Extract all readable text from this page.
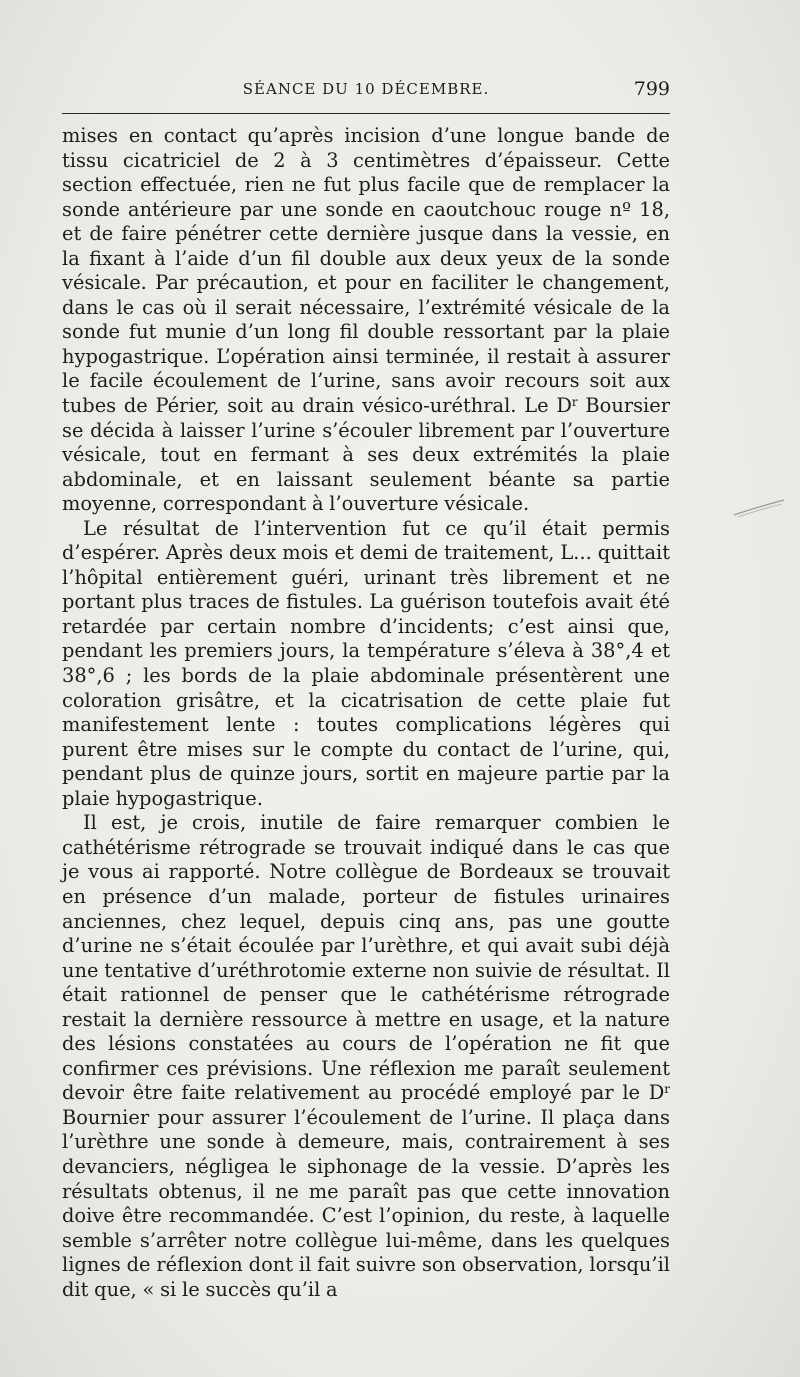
SÉANCE DU 10 DÉCEMBRE.	799

mises en contact qu’après incision d’une longue bande de tissu cicatriciel de 2 à 3 centimètres d’épaisseur. Cette section effectuée, rien ne fut plus facile que de remplacer la sonde antérieure par une sonde en caoutchouc rouge nº 18, et de faire pénétrer cette dernière jusque dans la vessie, en la fixant à l’aide d’un fil double aux deux yeux de la sonde vésicale. Par précaution, et pour en faciliter le changement, dans le cas où il serait nécessaire, l’extrémité vésicale de la sonde fut munie d’un long fil double ressortant par la plaie hypogastrique. L’opération ainsi terminée, il restait à assurer le facile écoulement de l’urine, sans avoir recours soit aux tubes de Périer, soit au drain vésico-uréthral. Le $D^r$ Boursier se décida à laisser l’urine s’écouler librement par l’ouverture vésicale, tout en fermant à ses deux extrémités la plaie abdominale, et en laissant seulement béante sa partie moyenne, correspondant à l’ouverture vésicale.

Le résultat de l’intervention fut ce qu’il était permis d’espérer. Après deux mois et demi de traitement, L... quittait l’hôpital entièrement guéri, urinant très librement et ne portant plus traces de fistules. La guérison toutefois avait été retardée par certain nombre d’incidents; c’est ainsi que, pendant les premiers jours, la température s’éleva à 38°,4 et 38°,6 ; les bords de la plaie abdominale présentèrent une coloration grisâtre, et la cicatrisation de cette plaie fut manifestement lente : toutes complications légères qui purent être mises sur le compte du contact de l’urine, qui, pendant plus de quinze jours, sortit en majeure partie par la plaie hypogastrique.

Il est, je crois, inutile de faire remarquer combien le cathétérisme rétrograde se trouvait indiqué dans le cas que je vous ai rapporté. Notre collègue de Bordeaux se trouvait en présence d’un malade, porteur de fistules urinaires anciennes, chez lequel, depuis cinq ans, pas une goutte d’urine ne s’était écoulée par l’urèthre, et qui avait subi déjà une tentative d’uréthrotomie externe non suivie de résultat. Il était rationnel de penser que le cathétérisme rétrograde restait la dernière ressource à mettre en usage, et la nature des lésions constatées au cours de l’opération ne fit que confirmer ces prévisions. Une réflexion me paraît seulement devoir être faite relativement au procédé employé par le $D^r$ Bournier pour assurer l’écoulement de l’urine. Il plaça dans l’urèthre une sonde à demeure, mais, contrairement à ses devanciers, négligea le siphonage de la vessie. D’après les résultats obtenus, il ne me paraît pas que cette innovation doive être recommandée. C’est l’opinion, du reste, à laquelle semble s’arrêter notre collègue lui-même, dans les quelques lignes de réflexion dont il fait suivre son observation, lorsqu’il dit que, « si le succès qu’il a
